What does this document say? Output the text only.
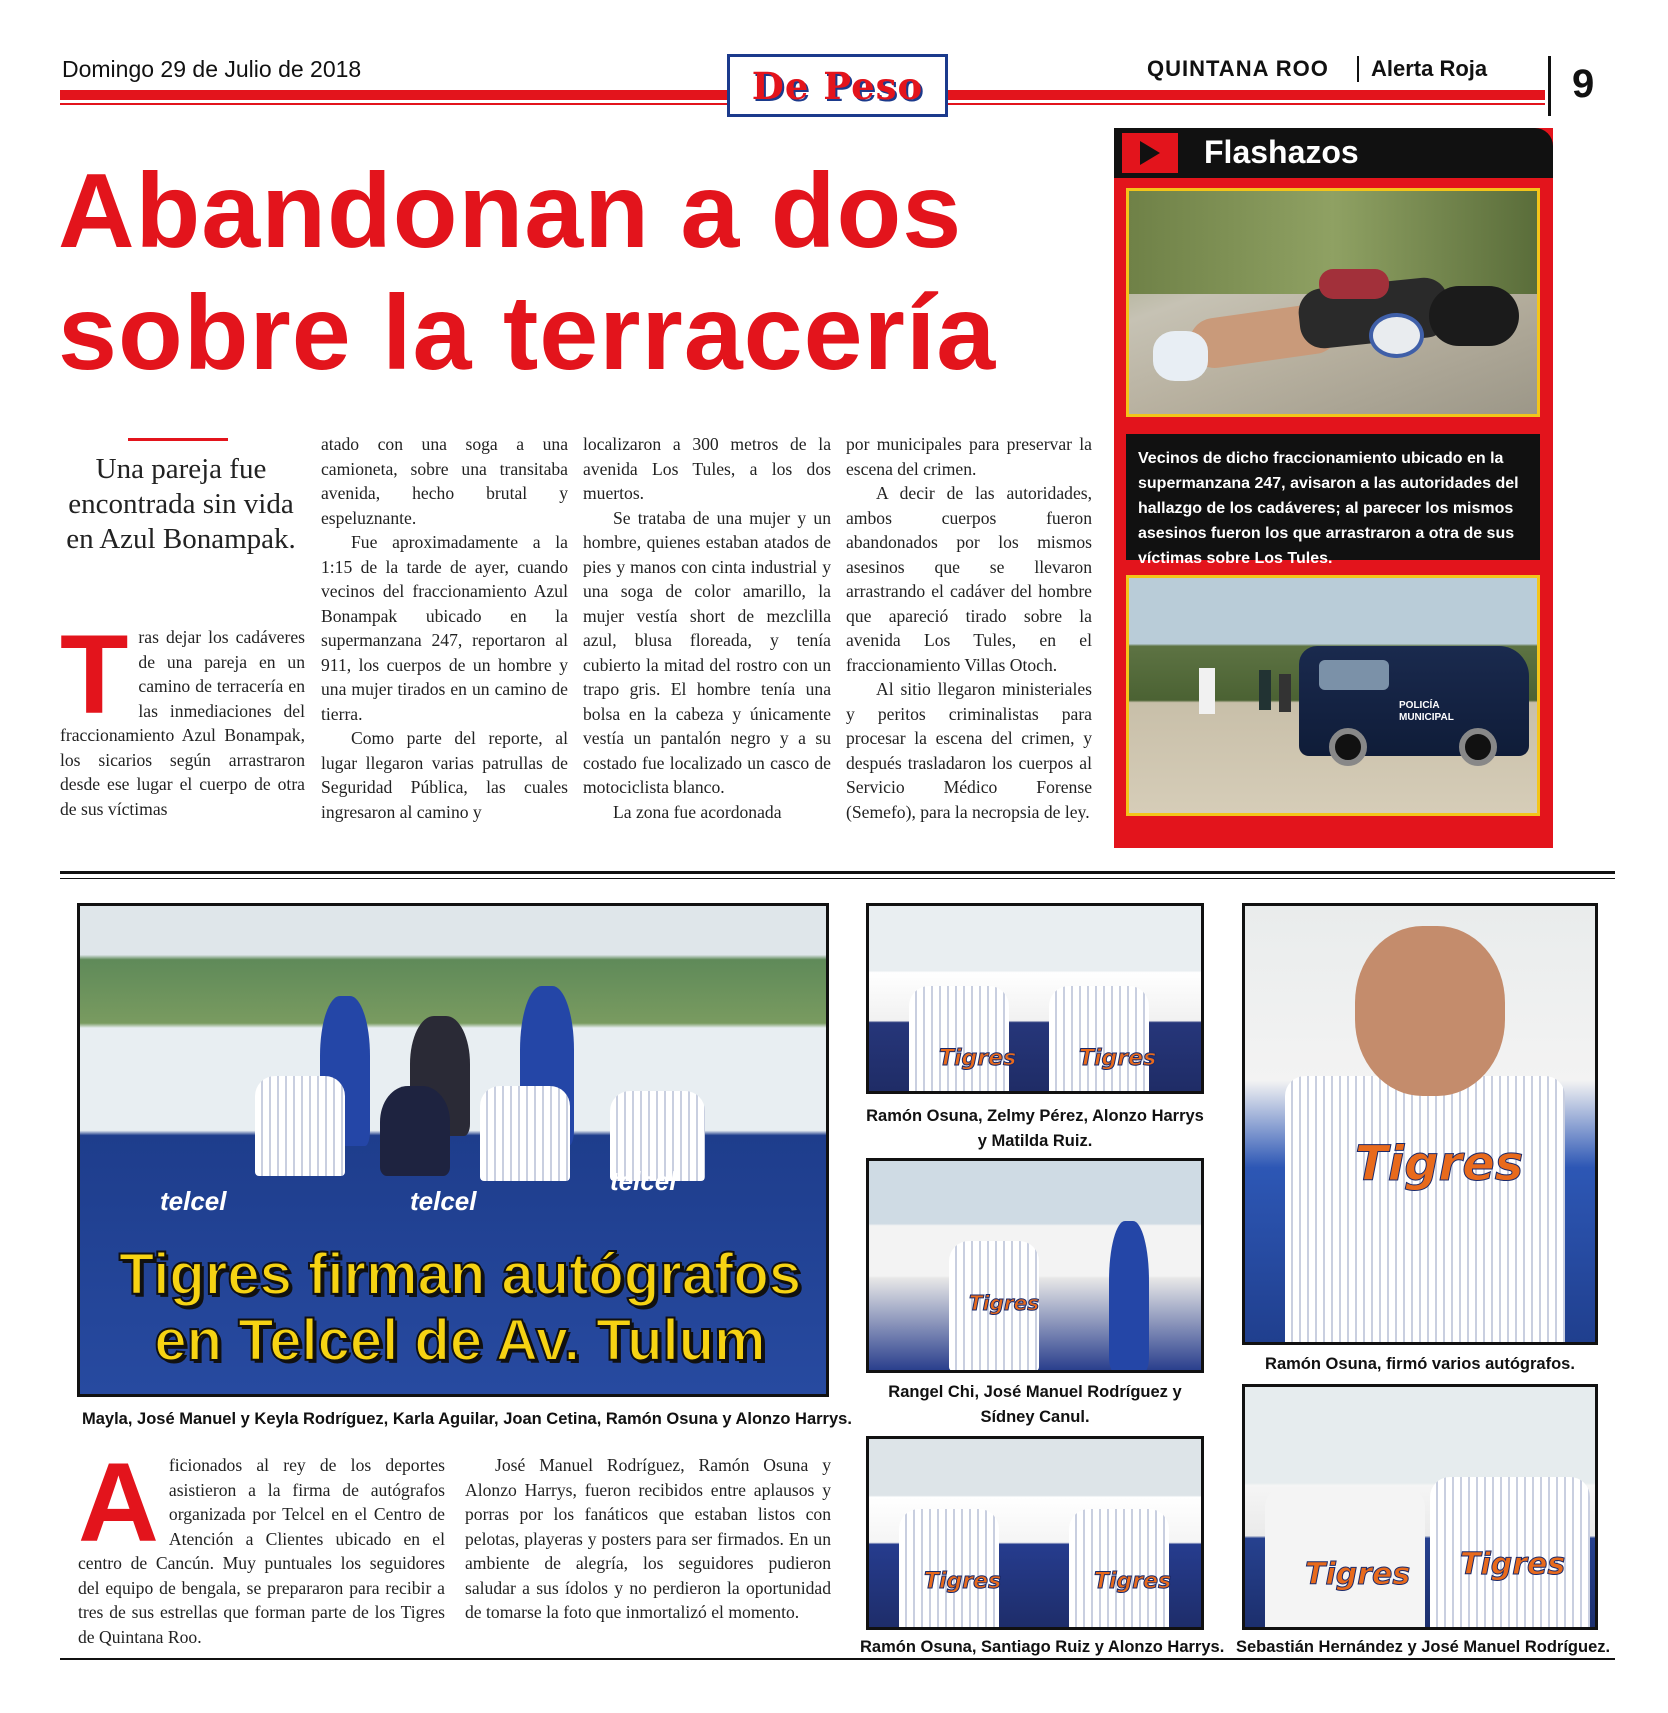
Domingo 29 de Julio de 2018	De Peso	QUINTANA ROO Alerta Roja 9
Abandonan a dos
sobre la terracería
Una pareja fue encontrada sin vida en Azul Bonampak.
T ras dejar los cadáveres de una pareja en un camino de terracería en las inmediaciones del fraccionamiento Azul Bonampak, los sicarios según arrastraron desde ese lugar el cuerpo de otra de sus víctimas

atado con una soga a una camioneta, sobre una transitaba avenida, hecho brutal y espeluznante.

Fue aproximadamente a la 1:15 de la tarde de ayer, cuando vecinos del fraccionamiento Azul Bonampak ubicado en la supermanzana 247, reportaron al 911, los cuerpos de un hombre y una mujer tirados en un camino de tierra.

Como parte del reporte, al lugar llegaron varias patrullas de Seguridad Pública, las cuales ingresaron al camino y

localizaron a 300 metros de la avenida Los Tules, a los dos muertos.

Se trataba de una mujer y un hombre, quienes estaban atados de pies y manos con cinta industrial y una soga de color amarillo, la mujer vestía short de mezclilla azul, blusa floreada, y tenía cubierto la mitad del rostro con un trapo gris. El hombre tenía una bolsa en la cabeza y únicamente vestía un pantalón negro y a su costado fue localizado un casco de motociclista blanco.

La zona fue acordonada

por municipales para preservar la escena del crimen.

A decir de las autoridades, ambos cuerpos fueron abandonados por los mismos asesinos que se llevaron arrastrando el cadáver del hombre que apareció tirado sobre la avenida Los Tules, en el fraccionamiento Villas Otoch.

Al sitio llegaron ministeriales y peritos criminalistas para procesar la escena del crimen, y después trasladaron los cuerpos al Servicio Médico Forense (Semefo), para la necropsia de ley.

Flashazos
Vecinos de dicho fraccionamiento ubicado en la supermanzana 247, avisaron a las autoridades del hallazgo de los cadáveres; al parecer los mismos asesinos fueron los que arrastraron a otra de sus víctimas sobre Los Tules.
POLICÍA
MUNICIPAL
telcel	telcel
telcel
Tigres firman autógrafos
en Telcel de Av. Tulum
Mayla, José Manuel y Keyla Rodríguez, Karla Aguilar, Joan Cetina, Ramón Osuna y Alonzo Harrys.
A ficionados al rey de los deportes asistieron a la firma de autógrafos organizada por Telcel en el Centro de Atención a Clientes ubicado en el centro de Cancún. Muy puntuales los seguidores del equipo de bengala, se prepararon para recibir a tres de sus estrellas que forman parte de los Tigres de Quintana Roo.

José Manuel Rodríguez, Ramón Osuna y Alonzo Harrys, fueron recibidos entre aplausos y porras por los fanáticos que estaban listos con pelotas, playeras y posters para ser firmados. En un ambiente de alegría, los seguidores pudieron saludar a sus ídolos y no perdieron la oportunidad de tomarse la foto que inmortalizó el momento.

Tigres	Tigres
Ramón Osuna, Zelmy Pérez, Alonzo Harrys y Matilda Ruiz.
Tigres
Rangel Chi, José Manuel Rodríguez y Sídney Canul.
Tigres	Tigres
Ramón Osuna, Santiago Ruiz y Alonzo Harrys.
Tigres
Ramón Osuna, firmó varios autógrafos.
Tigres Tigres
Sebastián Hernández y José Manuel Rodríguez.
